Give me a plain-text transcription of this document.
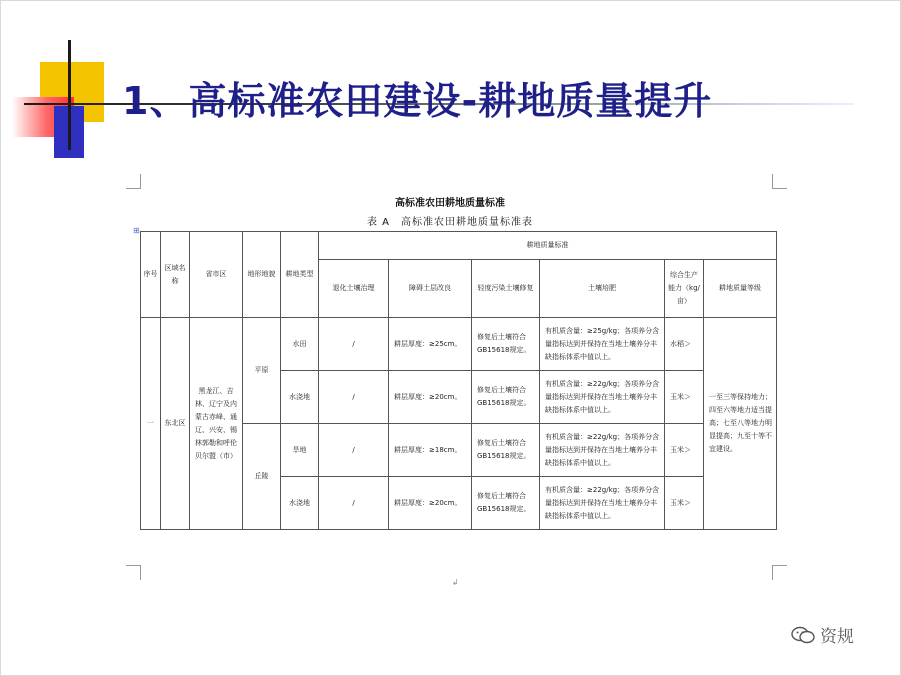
1、高标准农田建设-耕地质量提升
↲
高标准农田耕地质量标准
表 A　高标准农田耕地质量标准表
⊞
序号	区域名称	省市区	地形地貌	耕地类型	耕地质量标准					
					退化土壤治理	障碍土层改良	轻度污染土壤修复	土壤培肥	综合生产能力（kg/亩）	耕地质量等级
一	东北区	黑龙江、吉林、辽宁及内蒙古赤峰、通辽、兴安、锡林郭勒和呼伦贝尔盟（市）	平原	水田	/	耕层厚度：≥25cm。	修复后土壤符合GB15618规定。	有机质含量：≥25g/kg；各项养分含量指标达到并保持在当地土壤养分丰缺指标体系中值以上。	水稻＞	一至三等保持地力；四至六等地力适当提高；七至八等地力明显提高；九至十等不宜建设。
				水浇地	/	耕层厚度：≥20cm。	修复后土壤符合GB15618规定。	有机质含量：≥22g/kg；各项养分含量指标达到并保持在当地土壤养分丰缺指标体系中值以上。	玉米＞	
			丘陵	旱地	/	耕层厚度：≥18cm。	修复后土壤符合GB15618规定。	有机质含量：≥22g/kg；各项养分含量指标达到并保持在当地土壤养分丰缺指标体系中值以上。	玉米＞	
				水浇地	/	耕层厚度：≥20cm。	修复后土壤符合GB15618规定。	有机质含量：≥22g/kg；各项养分含量指标达到并保持在当地土壤养分丰缺指标体系中值以上。	玉米＞	
资规
